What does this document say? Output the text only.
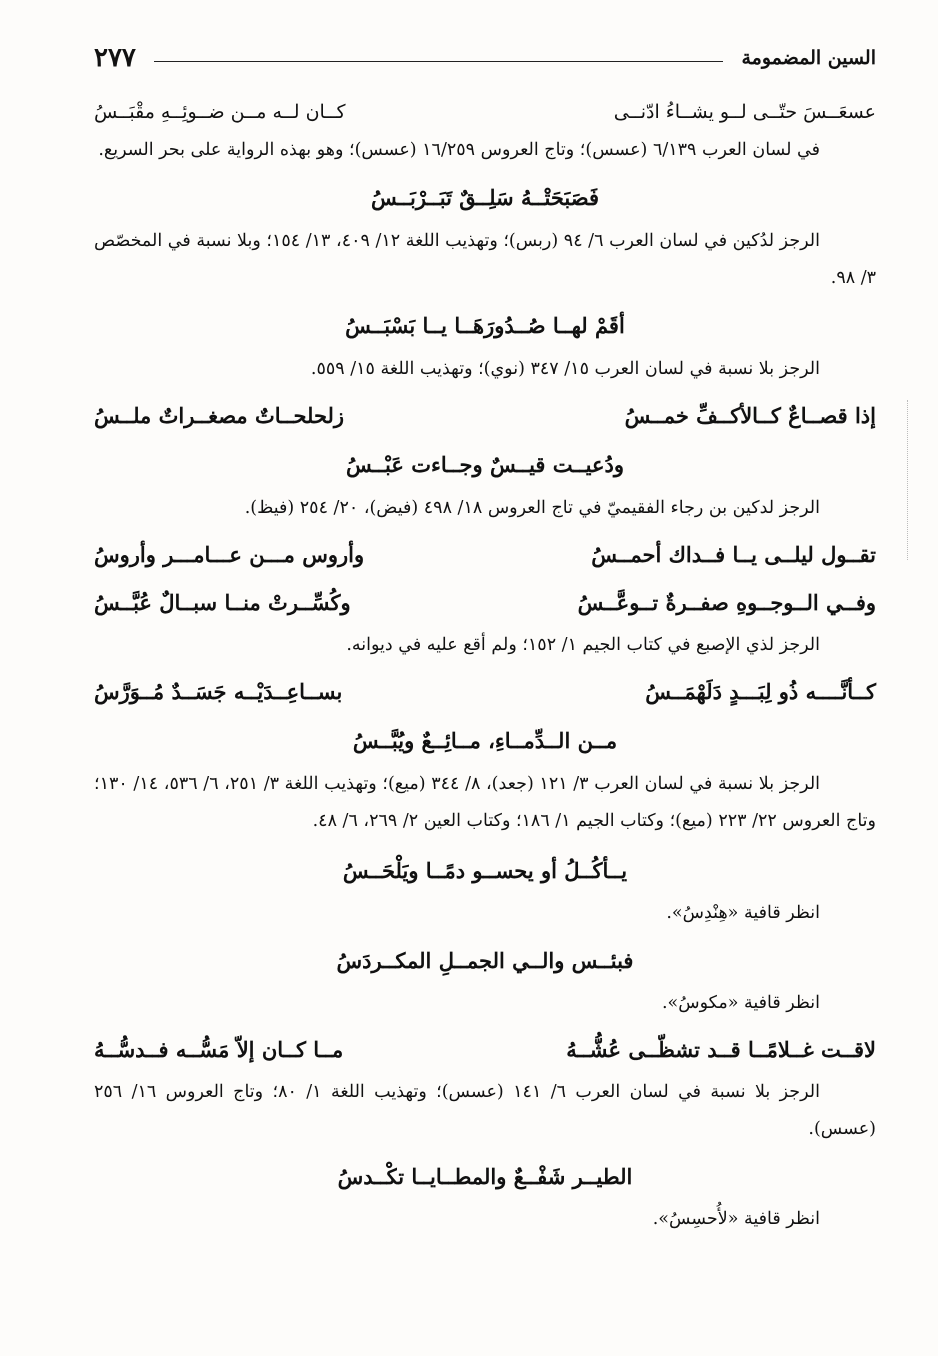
السين المضمومة
٢٧٧
عسعَــسَ حتّــى لــو يشــاءُ ادّنــى
كــان لــه مــن ضــوئِــهِ مقْبَــسُ

في لسان العرب ٦/١٣٩ (عسس)؛ وتاج العروس ١٦/٢٥٩ (عسس)؛ وهو بهذه الرواية على بحر السريع.

فَصَبَحَتْــهُ سَلِــقٌ تَبَــرْبَــسُ

الرجز لدُكين في لسان العرب ٦/ ٩٤ (ربس)؛ وتهذيب اللغة ١٢/ ٤٠٩، ١٣/ ١٥٤؛ وبلا نسبة في المخصّص ٣/ ٩٨.

أقَمْ لهــا صُــدُورَهَــا يــا بَسْبَــسُ

الرجز بلا نسبة في لسان العرب ١٥/ ٣٤٧ (نوي)؛ وتهذيب اللغة ١٥/ ٥٥٩.

إذا قصــاعٌ كــالأكــفِّ خمــسُ
زلحلحــاتٌ مصغــراتٌ ملــسُ
ودُعيــت قيــسٌ وجــاءت عَبْــسُ

الرجز لدكين بن رجاء الفقيميّ في تاج العروس ١٨/ ٤٩٨ (فيض)، ٢٠/ ٢٥٤ (فيظ).

تقــول ليلــى يــا فــداك أحمــسُ
وأروس مـــن عـــامـــر وأروسُ
وفــي الــوجــوهِ صفــرةٌ تــوعَّــسُ
وكُسِّــرتْ منــا سبــالٌ عُبَّــسُ

الرجز لذي الإصبع في كتاب الجيم ١/ ١٥٢؛ ولم أقع عليه في ديوانه.

كــأنَّــــه ذُو لِبَـــدٍ دَلَهْمَــسُ
بســاعِــدَيْــه جَسَــدٌ مُــوَرَّسُ
مــن الــدِّمــاءِ، مــائِــعٌ ويُبَّــسُ

الرجز بلا نسبة في لسان العرب ٣/ ١٢١ (جعد)، ٨/ ٣٤٤ (ميع)؛ وتهذيب اللغة ٣/ ٢٥١، ٦/ ٥٣٦، ١٤/ ١٣٠؛ وتاج العروس ٢٢/ ٢٢٣ (ميع)؛ وكتاب الجيم ١/ ١٨٦؛ وكتاب العين ٢/ ٢٦٩، ٦/ ٤٨.

يــأكُــلُ أو يحســو دمًــا ويَلْحَــسُ

انظر قافية «هِنْدِسُ».

فبئــس والــي الجمــلِ المكــردَسُ

انظر قافية «مكوسُ».

لاقــت غــلامًــا قــد تشظّــى عُشُّــهُ
مــا كــان إلاّ مَسُّــه فــدسُّــهُ

الرجز بلا نسبة في لسان العرب ٦/ ١٤١ (عسس)؛ وتهذيب اللغة ١/ ٨٠؛ وتاج العروس ١٦/ ٢٥٦ (عسس).

الطيــر شَفْــعٌ والمطــايــا تكْــدسُ

انظر قافية «لأُحسِسُ».
